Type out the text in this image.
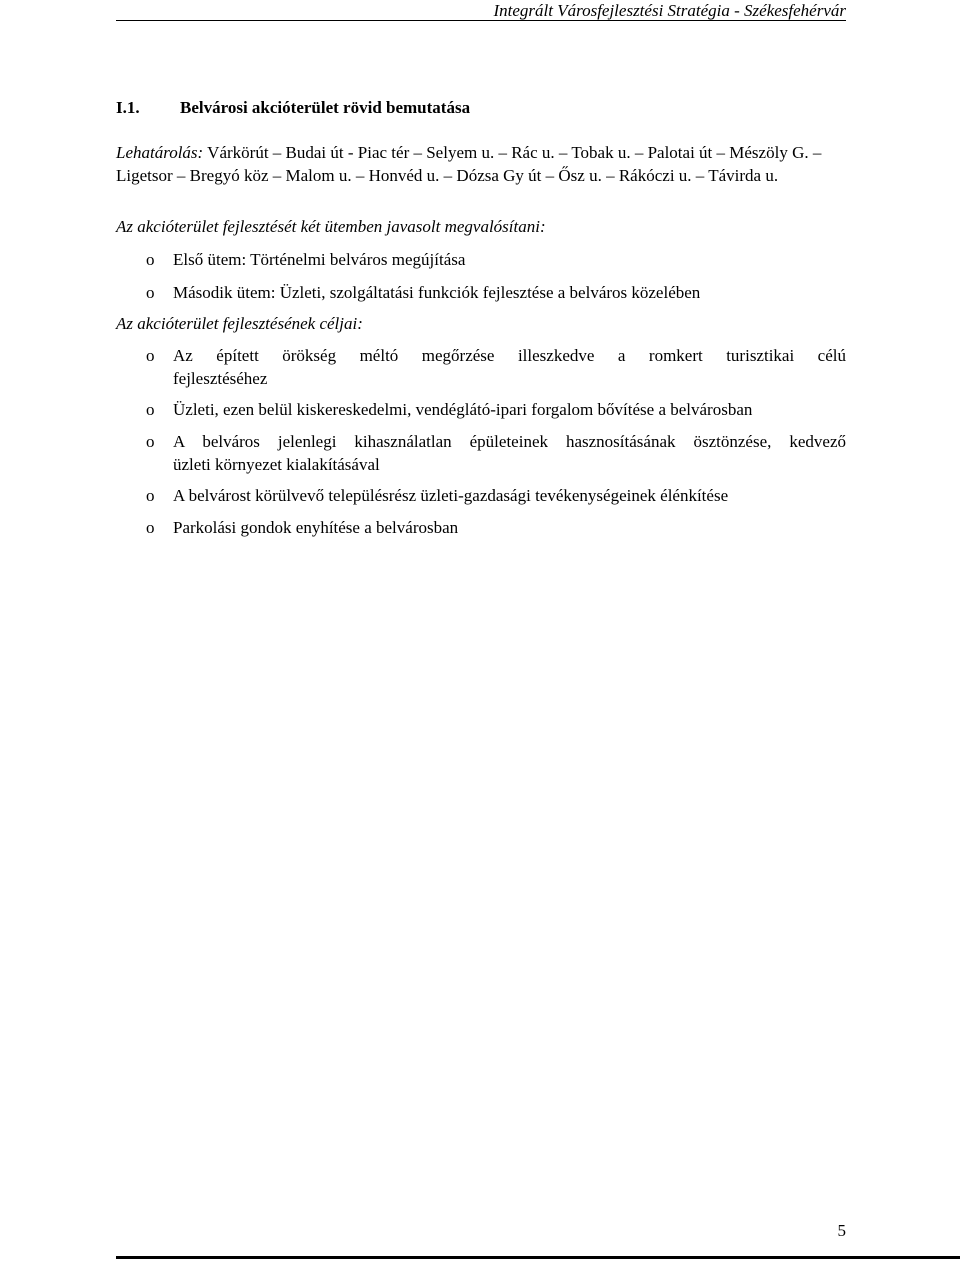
Integrált Városfejlesztési Stratégia - Székesfehérvár
I.1. Belvárosi akcióterület rövid bemutatása
Lehatárolás: Várkörút – Budai út - Piac tér – Selyem u. – Rác u. – Tobak u. – Palotai út – Mészöly G. – Ligetsor – Bregyó köz – Malom u. – Honvéd u. – Dózsa Gy út – Ősz u. – Rákóczi u. – Távirda u.
Az akcióterület fejlesztését két ütemben javasolt megvalósítani:
o Első ütem: Történelmi belváros megújítása
o Második ütem: Üzleti, szolgáltatási funkciók fejlesztése a belváros közelében
Az akcióterület fejlesztésének céljai:
o Az épített örökség méltó megőrzése illeszkedve a romkert turisztikai célú
fejlesztéséhez
o Üzleti, ezen belül kiskereskedelmi, vendéglátó-ipari forgalom bővítése a belvárosban
o A belváros jelenlegi kihasználatlan épületeinek hasznosításának ösztönzése, kedvező
üzleti környezet kialakításával
o A belvárost körülvevő településrész üzleti-gazdasági tevékenységeinek élénkítése
o Parkolási gondok enyhítése a belvárosban
5
